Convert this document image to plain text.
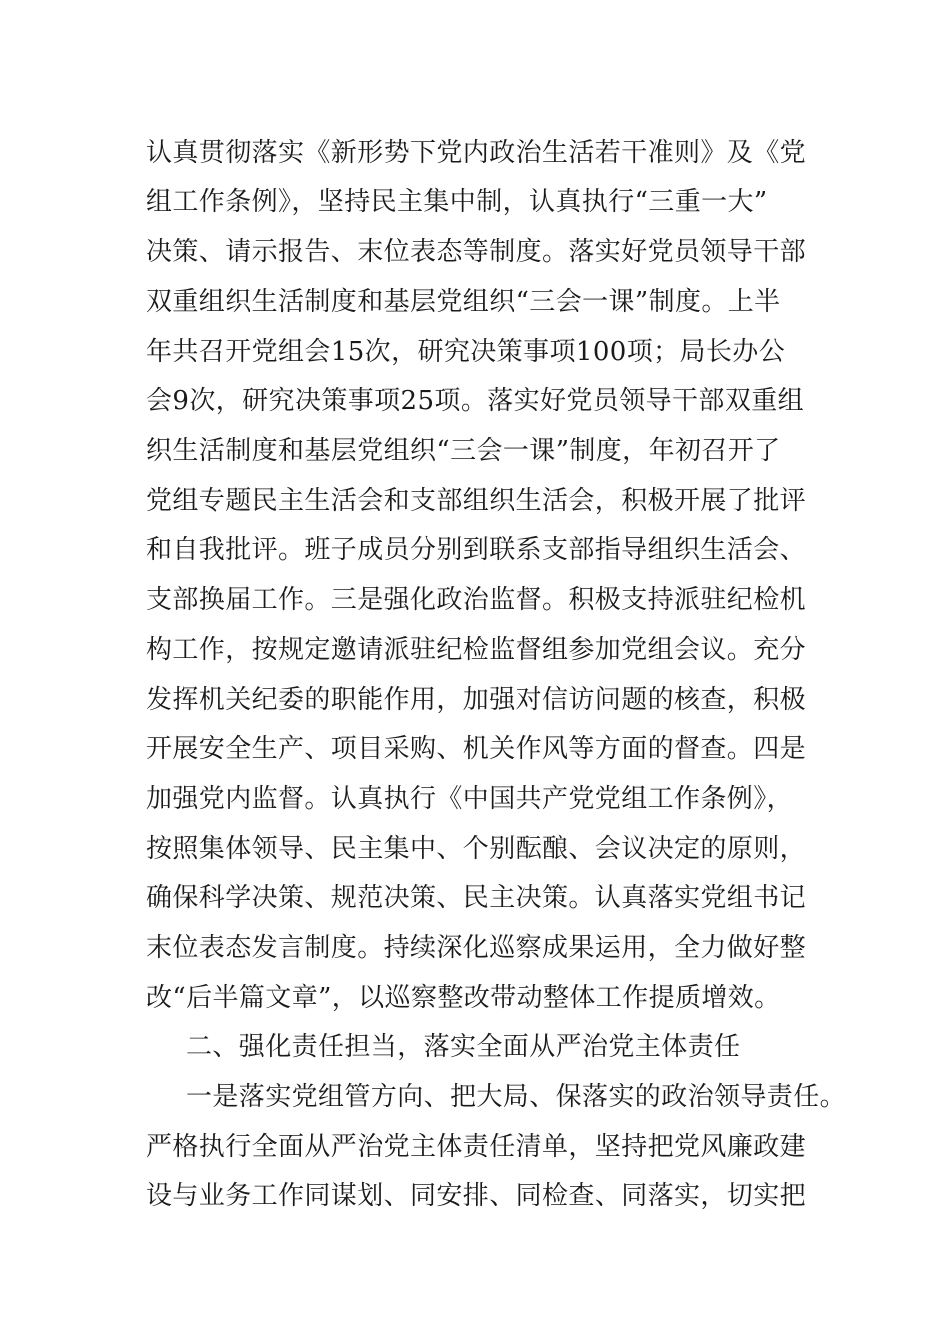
认真贯彻落实《新形势下党内政治生活若干准则》及《党

组工作条例》，坚持民主集中制，认真执行“三重一大”

决策、请示报告、末位表态等制度。落实好党员领导干部

双重组织生活制度和基层党组织“三会一课”制度。上半

年共召开党组会15次，研究决策事项100项；局长办公

会9次，研究决策事项25项。落实好党员领导干部双重组

织生活制度和基层党组织“三会一课”制度，年初召开了

党组专题民主生活会和支部组织生活会，积极开展了批评

和自我批评。班子成员分别到联系支部指导组织生活会、

支部换届工作。三是强化政治监督。积极支持派驻纪检机

构工作，按规定邀请派驻纪检监督组参加党组会议。充分

发挥机关纪委的职能作用，加强对信访问题的核查，积极

开展安全生产、项目采购、机关作风等方面的督查。四是

加强党内监督。认真执行《中国共产党党组工作条例》，

按照集体领导、民主集中、个别酝酿、会议决定的原则，

确保科学决策、规范决策、民主决策。认真落实党组书记

末位表态发言制度。持续深化巡察成果运用，全力做好整

改“后半篇文章”，以巡察整改带动整体工作提质增效。

二、强化责任担当，落实全面从严治党主体责任

一是落实党组管方向、把大局、保落实的政治领导责任。

严格执行全面从严治党主体责任清单，坚持把党风廉政建

设与业务工作同谋划、同安排、同检查、同落实，切实把
